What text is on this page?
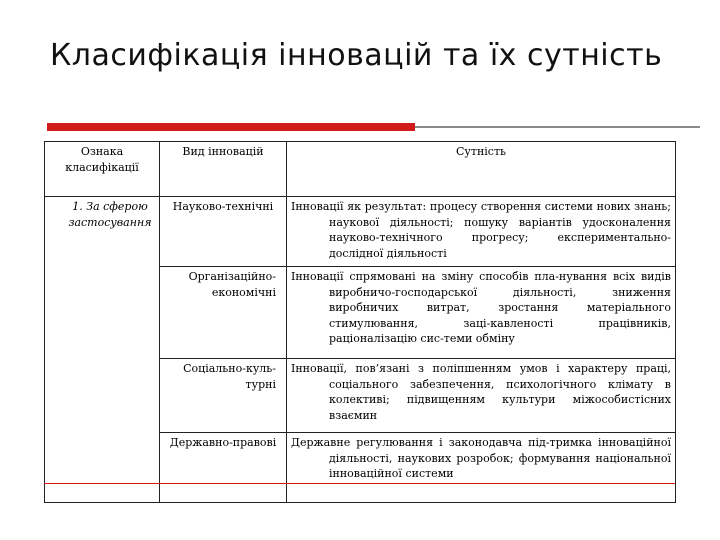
Класифікація інновацій та їх сутність
Ознака класифікації	Вид інновацій	Сутність
1. За сферою застосування	Науково-технічні	Інновації як результат: процесу створення системи нових знань; наукової діяльності; пошуку варіантів удосконалення науково-технічного прогресу; експериментально-дослідної діяльності

	Організаційно-економічні	Інновації спрямовані на зміну способів пла-нування всіх видів виробничо-господарської діяльності, зниження виробничих витрат, зростання матеріального стимулювання, заці-кавленості працівників, раціоналізацію сис-теми обміну

	Соціально-куль-турні	Інновації, пов’язані з поліпшенням умов і характеру праці, соціального забезпечення, психологічного клімату в колективі; підвищенням культури міжособистісних взаємин

	Державно-правові	Державне регулювання і законодавча під-тримка інноваційної діяльності, наукових розробок; формування національної інноваційної системи
